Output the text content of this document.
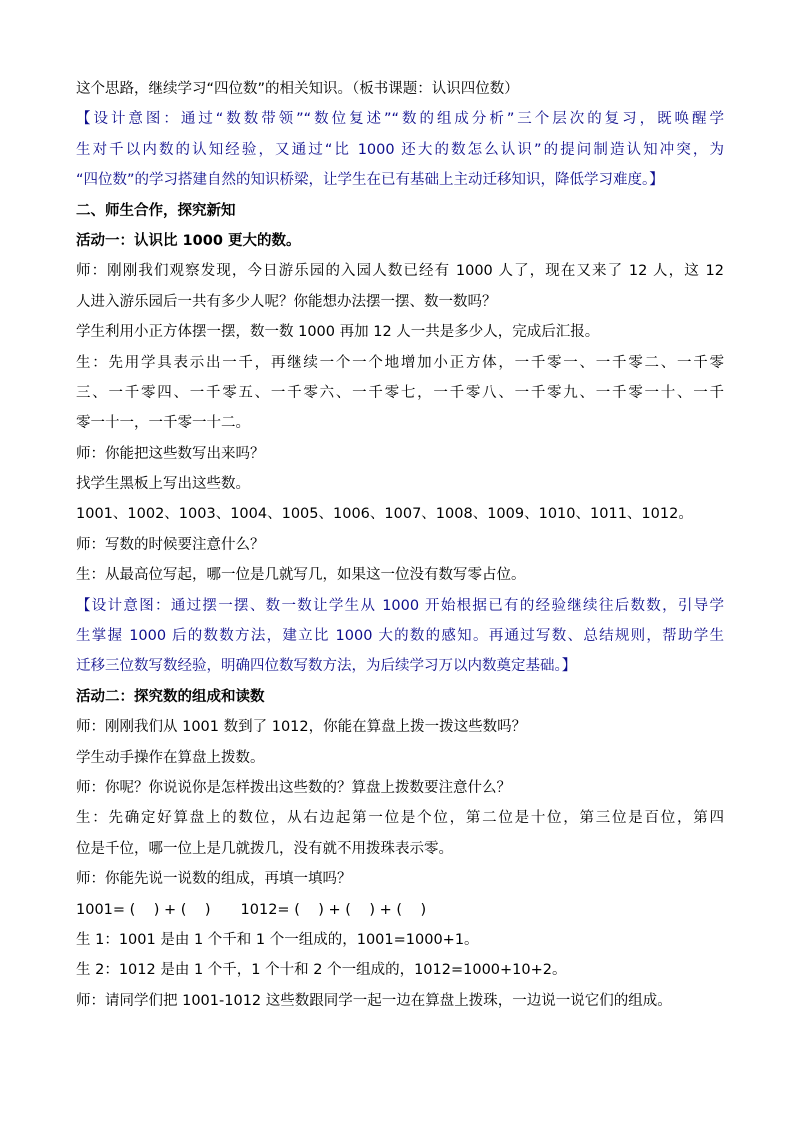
这个思路，继续学习“四位数”的相关知识。（板书课题：认识四位数）
【设计意图：通过“数数带领”“数位复述”“数的组成分析”三个层次的复习，既唤醒学
生对千以内数的认知经验，又通过“比 1000 还大的数怎么认识”的提问制造认知冲突，为
“四位数”的学习搭建自然的知识桥梁，让学生在已有基础上主动迁移知识，降低学习难度。】
二、师生合作，探究新知
活动一：认识比 1000 更大的数。
师：刚刚我们观察发现，今日游乐园的入园人数已经有 1000 人了，现在又来了 12 人，这 12
人进入游乐园后一共有多少人呢？你能想办法摆一摆、数一数吗？
学生利用小正方体摆一摆，数一数 1000 再加 12 人一共是多少人，完成后汇报。
生：先用学具表示出一千，再继续一个一个地增加小正方体，一千零一、一千零二、一千零
三、一千零四、一千零五、一千零六、一千零七，一千零八、一千零九、一千零一十、一千
零一十一，一千零一十二。
师：你能把这些数写出来吗？
找学生黑板上写出这些数。
1001、1002、1003、1004、1005、1006、1007、1008、1009、1010、1011、1012。
师：写数的时候要注意什么？
生：从最高位写起，哪一位是几就写几，如果这一位没有数写零占位。
【设计意图：通过摆一摆、数一数让学生从 1000 开始根据已有的经验继续往后数数，引导学
生掌握 1000 后的数数方法，建立比 1000 大的数的感知。再通过写数、总结规则，帮助学生
迁移三位数写数经验，明确四位数写数方法，为后续学习万以内数奠定基础。】
活动二：探究数的组成和读数
师：刚刚我们从 1001 数到了 1012，你能在算盘上拨一拨这些数吗？
学生动手操作在算盘上拨数。
师：你呢？你说说你是怎样拨出这些数的？算盘上拨数要注意什么？
生：先确定好算盘上的数位，从右边起第一位是个位，第二位是十位，第三位是百位，第四
位是千位，哪一位上是几就拨几，没有就不用拨珠表示零。
师：你能先说一说数的组成，再填一填吗？
1001= (    ) + (    ) 1012= (    ) + (    ) + (    )
生 1：1001 是由 1 个千和 1 个一组成的，1001=1000+1。
生 2：1012 是由 1 个千，1 个十和 2 个一组成的，1012=1000+10+2。
师：请同学们把 1001-1012 这些数跟同学一起一边在算盘上拨珠，一边说一说它们的组成。
